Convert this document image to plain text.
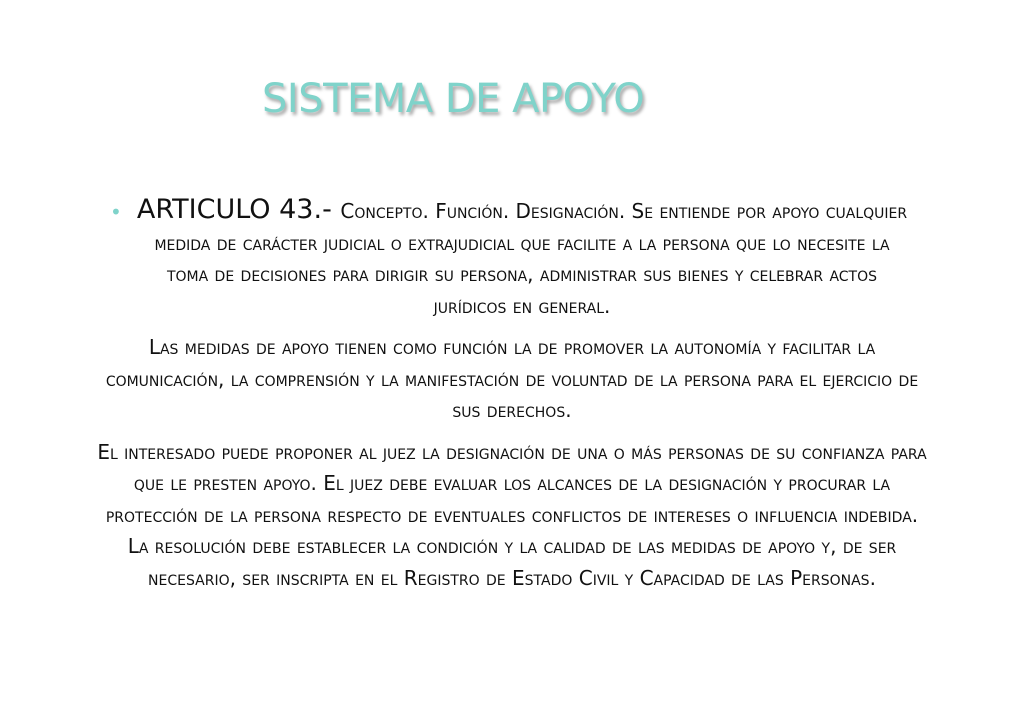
SISTEMA DE APOYO

• ARTICULO 43.- Concepto. Función. Designación. Se entiende por apoyo cualquier medida de carácter judicial o extrajudicial que facilite a la persona que lo necesite la toma de decisiones para dirigir su persona, administrar sus bienes y celebrar actos jurídicos en general.

Las medidas de apoyo tienen como función la de promover la autonomía y facilitar la comunicación, la comprensión y la manifestación de voluntad de la persona para el ejercicio de sus derechos.

El interesado puede proponer al juez la designación de una o más personas de su confianza para que le presten apoyo. El juez debe evaluar los alcances de la designación y procurar la protección de la persona respecto de eventuales conflictos de intereses o influencia indebida. La resolución debe establecer la condición y la calidad de las medidas de apoyo y, de ser necesario, ser inscripta en el Registro de Estado Civil y Capacidad de las Personas.
